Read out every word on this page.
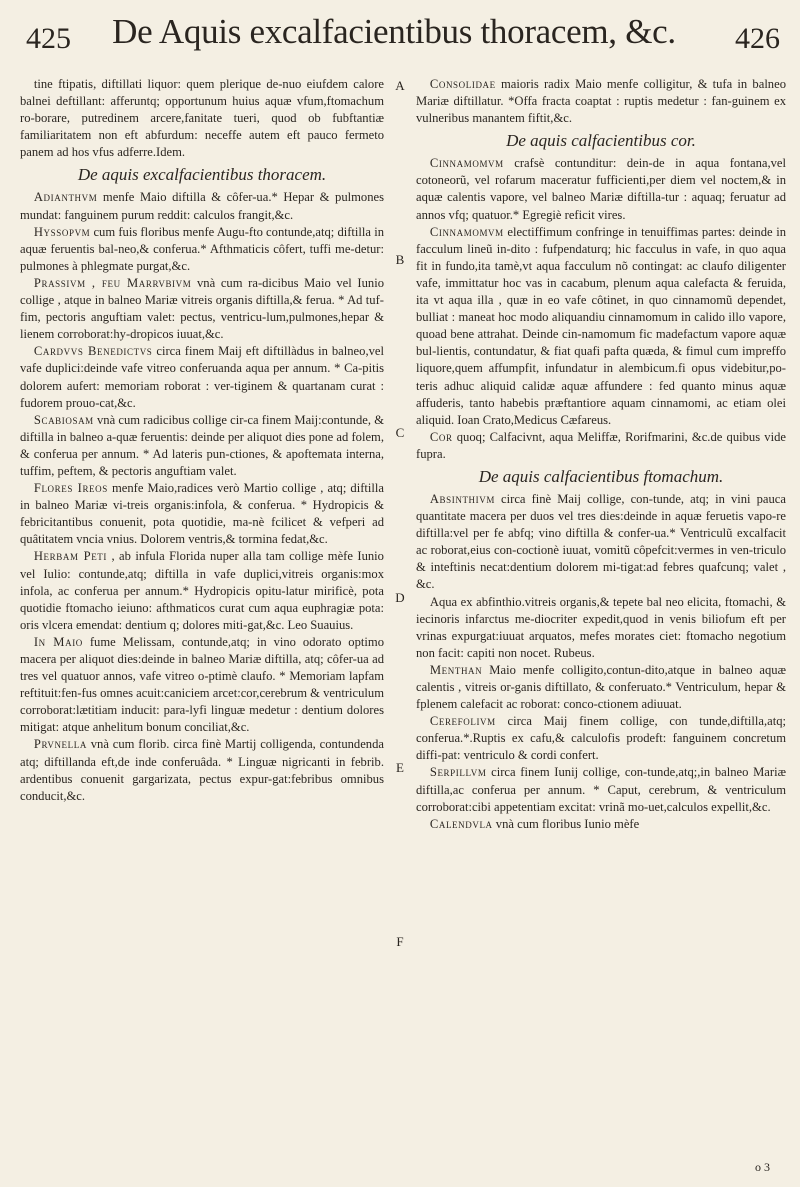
425	De Aquis excalfacientibus thoracem, &c.	426

tine ftipatis, diftillati liquor: quem plerique de-nuo eiufdem calore balnei deftillant: afferuntq; opportunum huius aquæ vfum,ftomachum ro-borare, putredinem arcere,fanitate tueri, quod ob fubftantiæ familiaritatem non eft abfurdum: neceffe autem eft pauco fermeto panem ad hos vfus adferre.Idem.

De aquis excalfacientibus thoracem.

Adianthvm menfe Maio diftilla & côfer-ua.* Hepar & pulmones mundat: fanguinem purum reddit: calculos frangit,&c.

Hyssopvm cum fuis floribus menfe Augu-fto contunde,atq; diftilla in aquæ feruentis bal-neo,& conferua.* Afthmaticis côfert, tuffi me-detur: pulmones à phlegmate purgat,&c.

Prassivm , feu Marrvbivm vnà cum ra-dicibus Maio vel Iunio collige , atque in balneo Mariæ vitreis organis diftilla,& ferua. * Ad tuf-fim, pectoris anguftiam valet: pectus, ventricu-lum,pulmones,hepar & lienem corroborat:hy-dropicos iuuat,&c.

Cardvvs Benedictvs circa finem Maij eft diftillàdus in balneo,vel vafe duplici:deinde vafe vitreo conferuanda aqua per annum. * Ca-pitis dolorem aufert: memoriam roborat : ver-tiginem & quartanam curat : fudorem prouo-cat,&c.

Scabiosam vnà cum radicibus collige cir-ca finem Maij:contunde, & diftilla in balneo a-quæ feruentis: deinde per aliquot dies pone ad folem, & conferua per annum. * Ad lateris pun-ctiones, & apoftemata interna, tuffim, peftem, & pectoris anguftiam valet.

Flores Ireos menfe Maio,radices verò Martio collige , atq; diftilla in balneo Mariæ vi-treis organis:infola, & conferua. * Hydropicis & febricitantibus conuenit, pota quotidie, ma-nè fcilicet & vefperi ad quâtitatem vncia vnius. Dolorem ventris,& tormina fedat,&c.

Herbam Peti , ab infula Florida nuper alla tam collige mèfe Iunio vel Iulio: contunde,atq; diftilla in vafe duplici,vitreis organis:mox infola, ac conferua per annum.* Hydropicis opitu-latur mirificè, pota quotidie ftomacho ieiuno: afthmaticos curat cum aqua euphragiæ pota: oris vlcera emendat: dentium q; dolores miti-gat,&c. Leo Suauius.

In Maio fume Melissam, contunde,atq; in vino odorato optimo macera per aliquot dies:deinde in balneo Mariæ diftilla, atq; côfer-ua ad tres vel quatuor annos, vafe vitreo o-ptimè claufo. * Memoriam lapfam reftituit:fen-fus omnes acuit:caniciem arcet:cor,cerebrum & ventriculum corroborat:lætitiam inducit: para-lyfi linguæ medetur : dentium dolores mitigat: atque anhelitum bonum conciliat,&c.

Prvnella vnà cum florib. circa finè Martij colligenda, contundenda atq; diftillanda eft,de inde conferuâda. * Linguæ nigricanti in febrib. ardentibus conuenit gargarizata, pectus expur-gat:febribus omnibus conducit,&c.

Consolidae maioris radix Maio menfe colligitur, & tufa in balneo Mariæ diftillatur. *Offa fracta coaptat : ruptis medetur : fan-guinem ex vulneribus manantem fiftit,&c.

De aquis calfacientibus cor.

Cinnamomvm crafsè contunditur: dein-de in aqua fontana,vel cotoneorũ, vel rofarum maceratur fufficienti,per diem vel noctem,& in aquæ calentis vapore, vel balneo Mariæ diftilla-tur : aquaq; feruatur ad annos vfq; quatuor.* Egregiè reficit vires.

Cinnamomvm electiffimum confringe in tenuiffimas partes: deinde in facculum lineũ in-dito : fufpendaturq; hic facculus in vafe, in quo aqua fit in fundo,ita tamè,vt aqua facculum nõ contingat: ac claufo diligenter vafe, immittatur hoc vas in cacabum, plenum aqua calefacta & feruida, ita vt aqua illa , quæ in eo vafe côtinet, in quo cinnamomũ dependet, bulliat : maneat hoc modo aliquandiu cinnamomum in calido illo vapore, quoad bene attrahat. Deinde cin-namomum fic madefactum vapore aquæ bul-lientis, contundatur, & fiat quafi pafta quæda, & fimul cum impreffo liquore,quem affumpfit, infundatur in alembicum.fi opus videbitur,po-teris adhuc aliquid calidæ aquæ affundere : fed quanto minus aquæ affuderis, tanto habebis præftantiore aquam cinnamomi, ac etiam olei aliquid. Ioan Crato,Medicus Cæfareus.

Cor quoq; Calfacivnt, aqua Meliffæ, Rorifmarini, &c.de quibus vide fupra.

De aquis calfacientibus ftomachum.

Absinthivm circa finè Maij collige, con-tunde, atq; in vini pauca quantitate macera per duos vel tres dies:deinde in aquæ feruetis vapo-re diftilla:vel per fe abfq; vino diftilla & confer-ua.* Ventriculũ excalfacit ac roborat,eius con-coctionè iuuat, vomitũ côpefcit:vermes in ven-triculo & inteftinis necat:dentium dolorem mi-tigat:ad febres quafcunq; valet , &c.

Aqua ex abfinthio.vitreis organis,& tepete bal neo elicita, ftomachi, & iecinoris infarctus me-diocriter expedit,quod in venis biliofum eft per vrinas expurgat:iuuat arquatos, mefes morates ciet: ftomacho negotium non facit: capiti non nocet. Rubeus.

Menthan Maio menfe colligito,contun-dito,atque in balneo aquæ calentis , vitreis or-ganis diftillato, & conferuato.* Ventriculum, hepar & fplenem calefacit ac roborat: conco-ctionem adiuuat.

Cerefolivm circa Maij finem collige, con tunde,diftilla,atq; conferua.*.Ruptis ex cafu,& calculofis prodeft: fanguinem concretum diffi-pat: ventriculo & cordi confert.

Serpillvm circa finem Iunij collige, con-tunde,atq;,in balneo Mariæ diftilla,ac conferua per annum. * Caput, cerebrum, & ventriculum corroborat:cibi appetentiam excitat: vrinã mo-uet,calculos expellit,&c.

Calendvla vnà cum floribus Iunio mèfe

A
B
C
D
E
F
o 3
